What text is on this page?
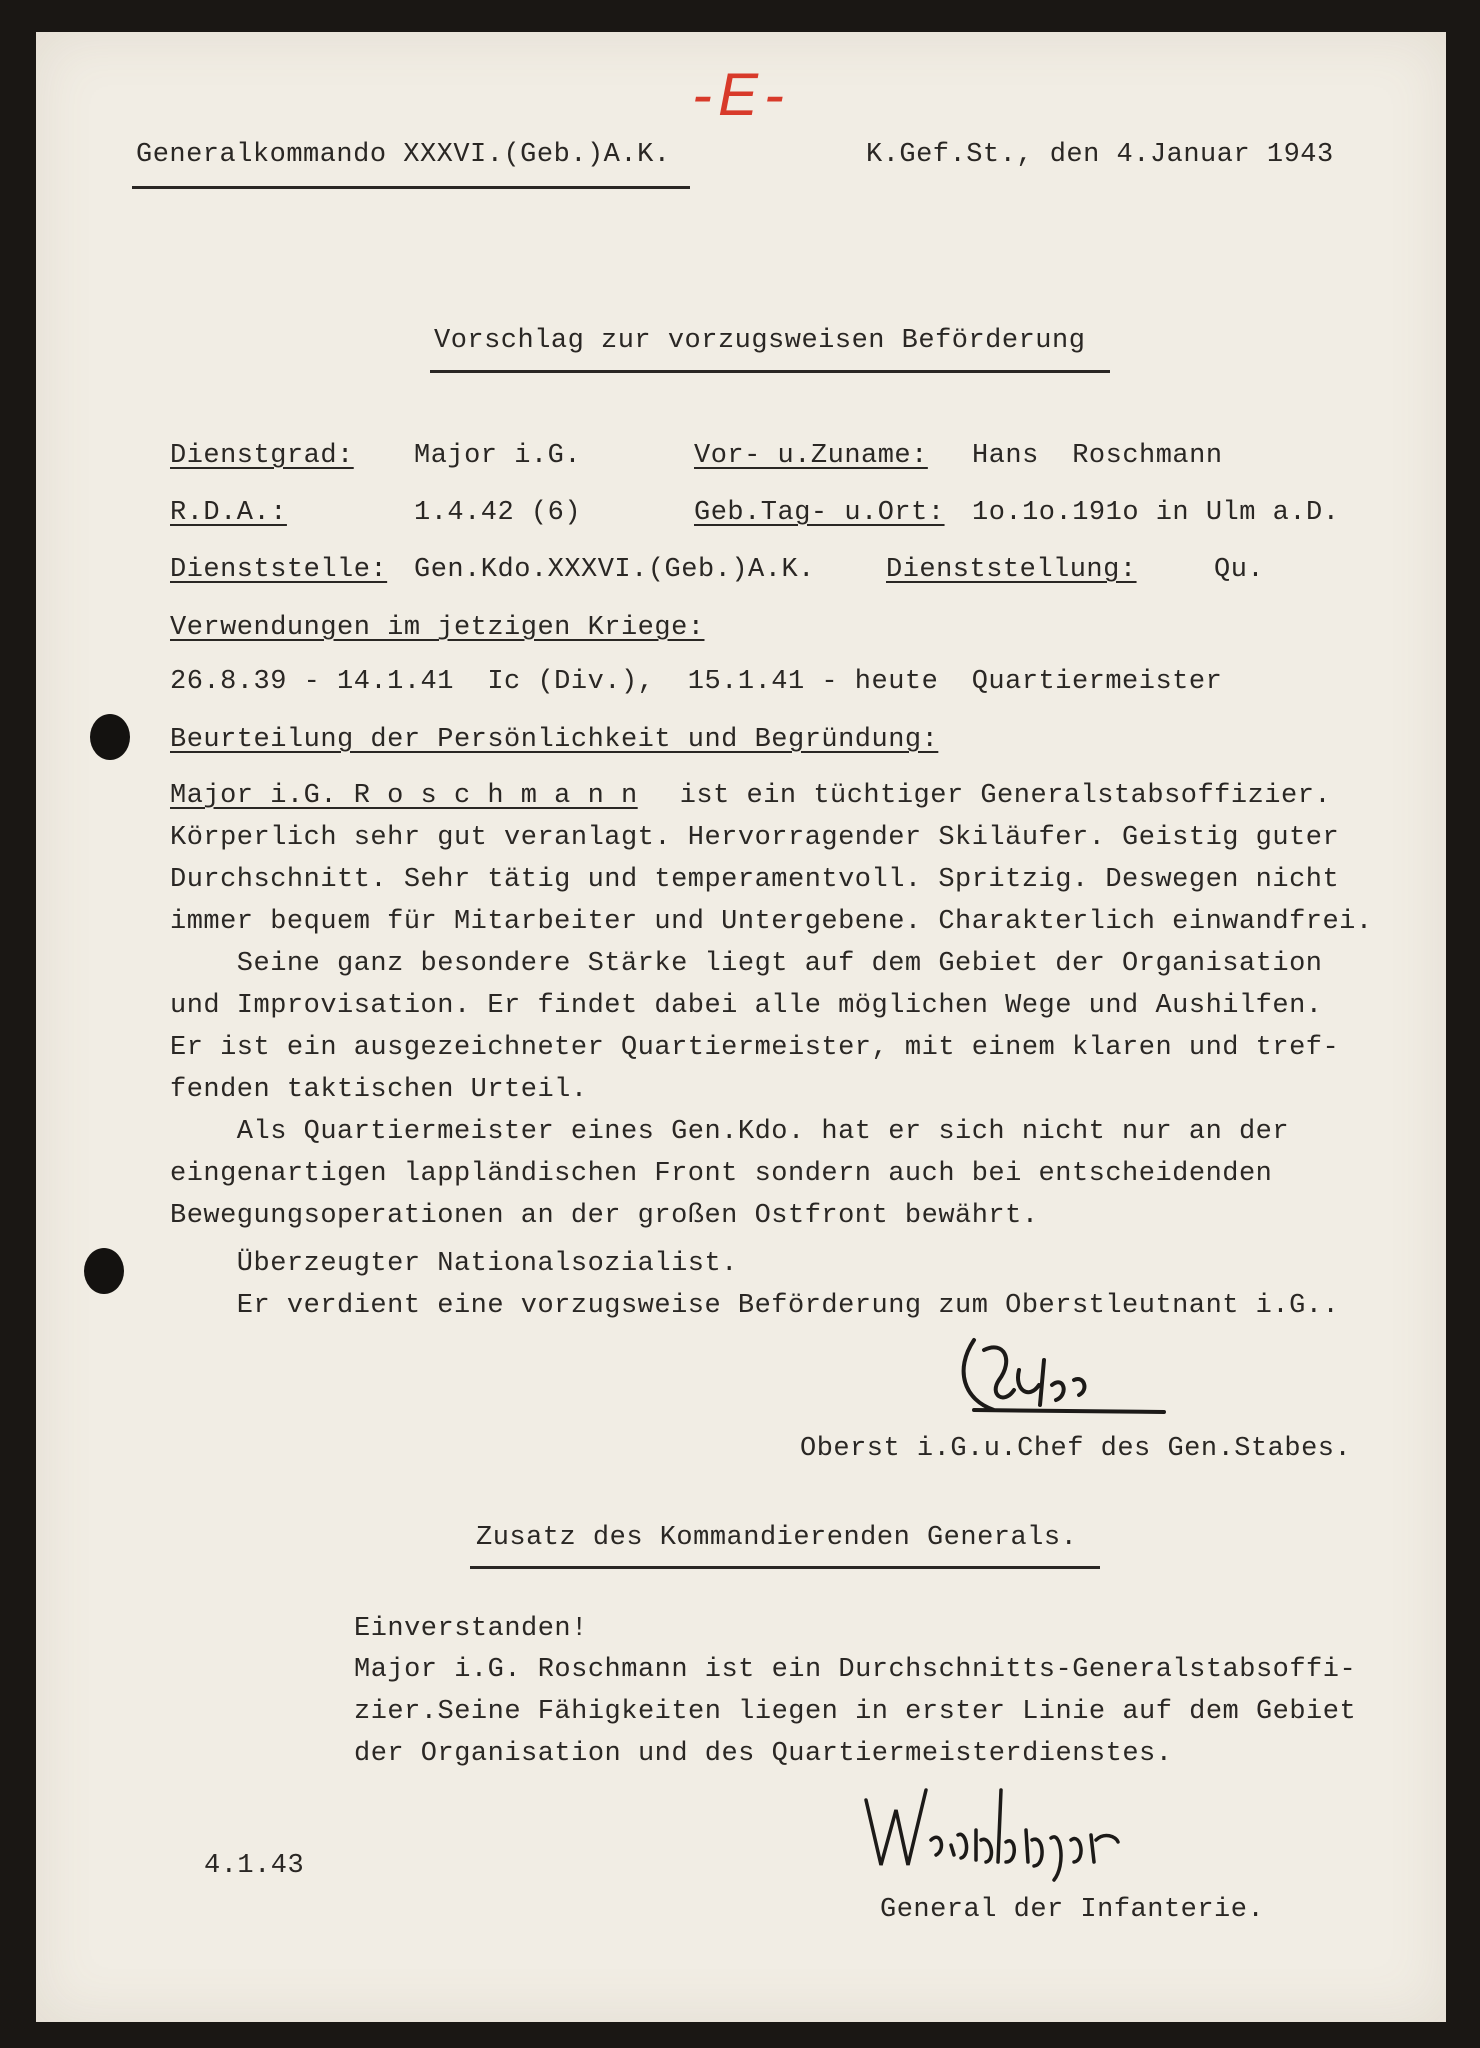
-E-
Generalkommando XXXVI.(Geb.)A.K.	K.Gef.St., den 4.Januar 1943
Vorschlag zur vorzugsweisen Beförderung
Dienstgrad: Major i.G.	Vor- u.Zuname: Hans  Roschmann
R.D.A.:	1.4.42 (6)	Geb.Tag- u.Ort: 1o.1o.191o in Ulm a.D.
Dienststelle: Gen.Kdo.XXXVI.(Geb.)A.K.	Dienststellung:	Qu.
Verwendungen im jetzigen Kriege:
26.8.39 - 14.1.41  Ic (Div.),  15.1.41 - heute  Quartiermeister
Beurteilung der Persönlichkeit und Begründung:
Major i.G. R o s c h m a n n ist ein tüchtiger Generalstabsoffizier.
Körperlich sehr gut veranlagt. Hervorragender Skiläufer. Geistig guter
Durchschnitt. Sehr tätig und temperamentvoll. Spritzig. Deswegen nicht
immer bequem für Mitarbeiter und Untergebene. Charakterlich einwandfrei.
Seine ganz besondere Stärke liegt auf dem Gebiet der Organisation
und Improvisation. Er findet dabei alle möglichen Wege und Aushilfen.
Er ist ein ausgezeichneter Quartiermeister, mit einem klaren und tref-
fenden taktischen Urteil.
Als Quartiermeister eines Gen.Kdo. hat er sich nicht nur an der
eingenartigen lappländischen Front sondern auch bei entscheidenden
Bewegungsoperationen an der großen Ostfront bewährt.
Überzeugter Nationalsozialist.
Er verdient eine vorzugsweise Beförderung zum Oberstleutnant i.G..
Oberst i.G.u.Chef des Gen.Stabes.
Zusatz des Kommandierenden Generals.
Einverstanden!
Major i.G. Roschmann ist ein Durchschnitts-Generalstabsoffi-
zier.Seine Fähigkeiten liegen in erster Linie auf dem Gebiet
der Organisation und des Quartiermeisterdienstes.
4.1.43
General der Infanterie.
